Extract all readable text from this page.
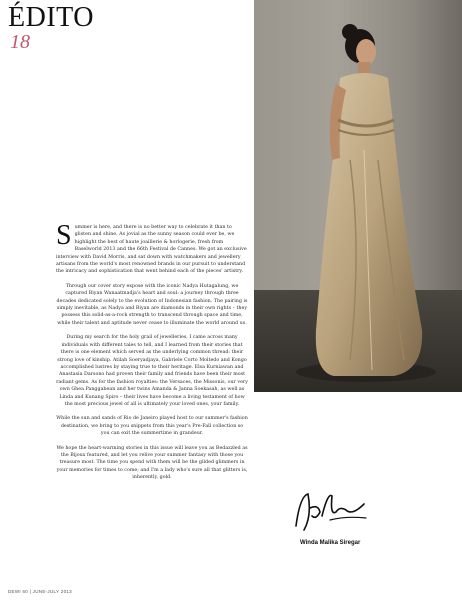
ÉDITO
18

Summer is here, and there is no better way to celebrate it than to glisten and shine. As jovial as the sunny season could ever be, we highlight the best of haute joaillerie & horlogerie, fresh from Baselworld 2013 and the 66th Festival de Cannes. We got an exclusive interview with David Morris, and sat down with watchmakers and jewellery artisans from the world's most renowned brands in our pursuit to understand the intricacy and sophistication that went behind each of the pieces' artistry.

Through our cover story expose with the iconic Nadya Hutagalung, we captured Biyan Wanaatmadja's heart and soul: a journey through three decades dedicated solely to the evolution of Indonesian fashion. The pairing is simply inevitable, as Nadya and Biyan are diamonds in their own rights – they possess this solid-as-a-rock strength to transcend through space and time, while their talent and aptitude never cease to illuminate the world around us.

During my search for the holy grail of jewelleries, I came across many individuals with different tales to tell, and I learned from their stories that there is one element which served as the underlying common thread: their strong love of kinship. Atilah Soeryadjaya, Gabriele Corto Moltedo and Kongo accomplished lustres by staying true to their heritage. Elsa Kurniawan and Anastasia Darsono had proven their family and friends have been their most radiant gems. As for the fashion royalties: the Versaces, the Missonis, our very own Ghea Panggabean and her twins Amanda & Janna Soekasah, as well as Linda and Kunang Spiro – their lives have become a living testament of how the most precious jewel of all is ultimately your loved ones, your family.

While the sun and sands of Rio de Janeiro played host to our summer's fashion destination, we bring to you snippets from this year's Pre-Fall collection so you can exit the summertime in grandeur.

We hope the heart-warming stories in this issue will leave you as Bedazzled as the Bijoux featured, and let you relive your summer fantasy with those you treasure most. The time you spend with them will be the gilded glimmers in your memories for times to come; and I'm a lady who's sure all that glitters is, inherently, gold.

Winda Malika Siregar
DEWI 60 | JUNE-JULY 2013
